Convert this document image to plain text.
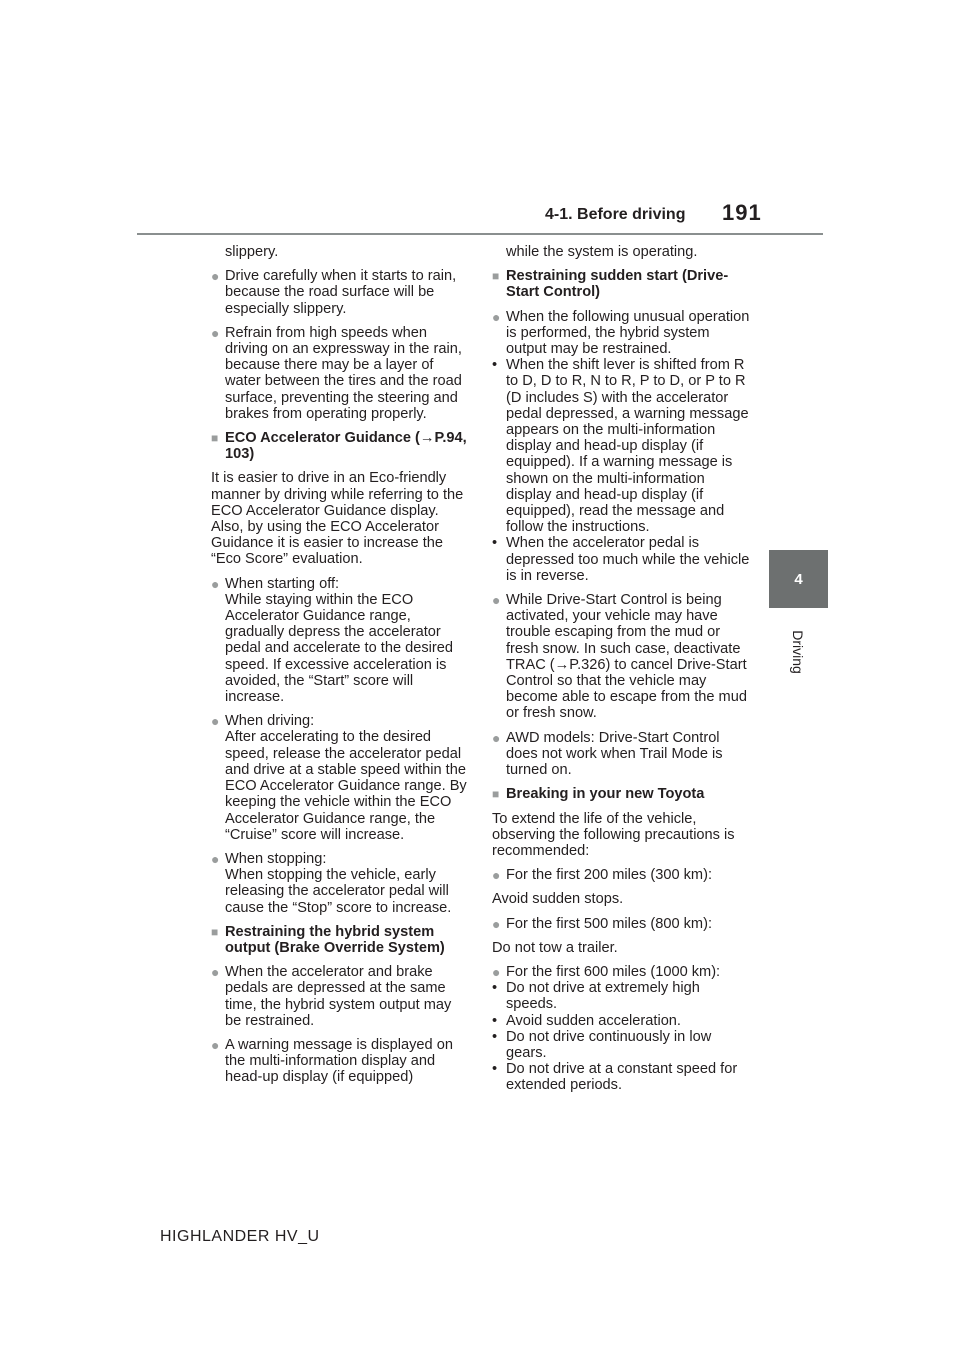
4-1. Before driving 191
4
Driving

slippery.

● Drive carefully when it starts to rain, because the road surface will be especially slippery.
● Refrain from high speeds when driving on an expressway in the rain, because there may be a layer of water between the tires and the road surface, preventing the steering and brakes from operating properly.
■ ECO Accelerator Guidance (→P.94, 103)

It is easier to drive in an Eco-friendly manner by driving while referring to the ECO Accelerator Guidance display. Also, by using the ECO Accelerator Guidance it is easier to increase the “Eco Score” evaluation.

● When starting off:
While staying within the ECO Accelerator Guidance range, gradually depress the accelerator pedal and accelerate to the desired speed. If excessive acceleration is avoided, the “Start” score will increase.
● When driving:
After accelerating to the desired speed, release the accelerator pedal and drive at a stable speed within the ECO Accelerator Guidance range. By keeping the vehicle within the ECO Accelerator Guidance range, the “Cruise” score will increase.
● When stopping:
When stopping the vehicle, early releasing the accelerator pedal will cause the “Stop” score to increase.
■ Restraining the hybrid system output (Brake Override System)
● When the accelerator and brake pedals are depressed at the same time, the hybrid system output may be restrained.
● A warning message is displayed on the multi-information display and head-up display (if equipped)

while the system is operating.

■ Restraining sudden start (Drive-Start Control)
● When the following unusual operation is performed, the hybrid system output may be restrained.
• When the shift lever is shifted from R to D, D to R, N to R, P to D, or P to R (D includes S) with the accelerator pedal depressed, a warning message appears on the multi-information display and head-up display (if equipped). If a warning message is shown on the multi-information display and head-up display (if equipped), read the message and follow the instructions.
• When the accelerator pedal is depressed too much while the vehicle is in reverse.
● While Drive-Start Control is being activated, your vehicle may have trouble escaping from the mud or fresh snow. In such case, deactivate TRAC (→P.326) to cancel Drive-Start Control so that the vehicle may become able to escape from the mud or fresh snow.
● AWD models: Drive-Start Control does not work when Trail Mode is turned on.
■ Breaking in your new Toyota

To extend the life of the vehicle, observing the following precautions is recommended:

● For the first 200 miles (300 km):

Avoid sudden stops.

● For the first 500 miles (800 km):

Do not tow a trailer.

● For the first 600 miles (1000 km):
• Do not drive at extremely high speeds.
• Avoid sudden acceleration.
• Do not drive continuously in low gears.
• Do not drive at a constant speed for extended periods.
HIGHLANDER HV_U
